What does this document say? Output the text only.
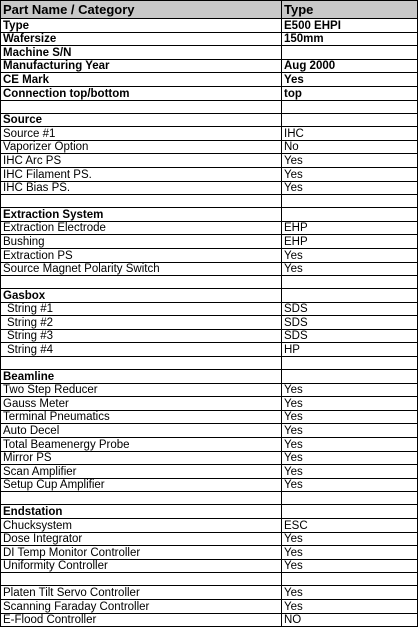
Part Name / Category	Type
Type	E500 EHPI
Wafersize	150mm
Machine S/N	
Manufacturing Year	Aug 2000
CE Mark	Yes
Connection top/bottom	top

Source	
Source #1	IHC
Vaporizer Option	No
IHC Arc PS	Yes
IHC Filament PS.	Yes
IHC Bias PS.	Yes

Extraction System	
Extraction Electrode	EHP
Bushing	EHP
Extraction PS	Yes
Source Magnet Polarity Switch	Yes

Gasbox	
String #1	SDS
String #2	SDS
String #3	SDS
String #4	HP

Beamline	
Two Step Reducer	Yes
Gauss Meter	Yes
Terminal Pneumatics	Yes
Auto Decel	Yes
Total Beamenergy Probe	Yes
Mirror PS	Yes
Scan Amplifier	Yes
Setup Cup Amplifier	Yes

Endstation	
Chucksystem	ESC
Dose Integrator	Yes
DI Temp Monitor Controller	Yes
Uniformity Controller	Yes

Platen Tilt Servo Controller	Yes
Scanning Faraday Controller	Yes
E-Flood Controller	NO
